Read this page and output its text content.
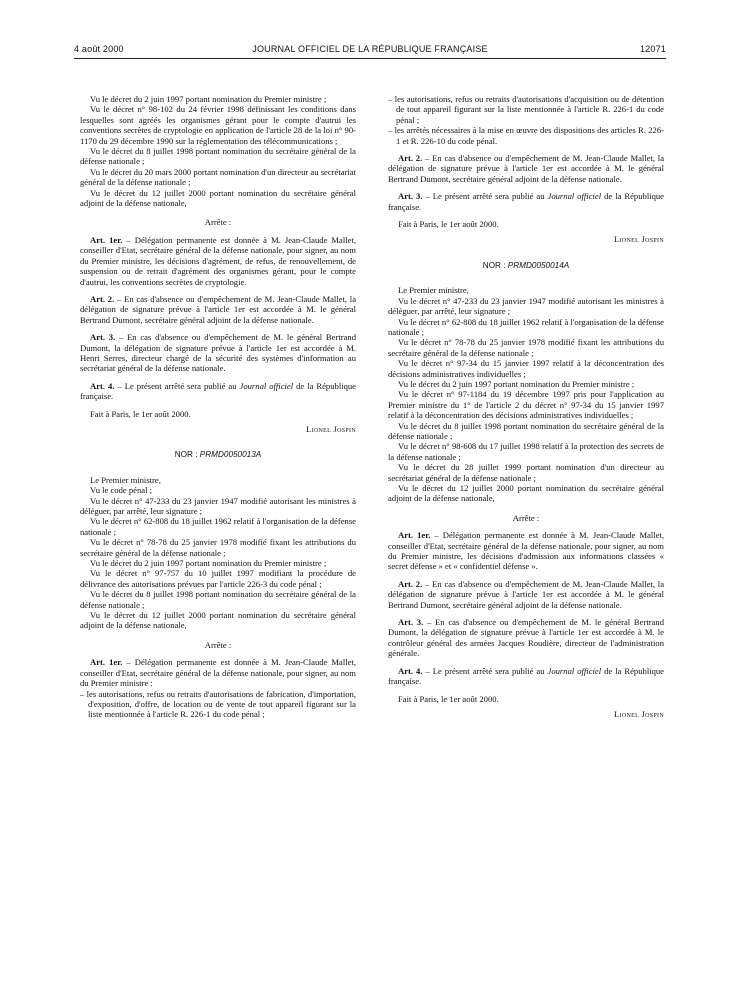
4 août 2000	JOURNAL OFFICIEL DE LA RÉPUBLIQUE FRANÇAISE	12071

Vu le décret du 2 juin 1997 portant nomination du Premier ministre ;

Vu le décret n° 98-102 du 24 février 1998 définissant les conditions dans lesquelles sont agréés les organismes gérant pour le compte d'autrui les conventions secrètes de cryptologie en application de l'article 28 de la loi n° 90-1170 du 29 décembre 1990 sur la réglementation des télécommunications ;

Vu le décret du 8 juillet 1998 portant nomination du secrétaire général de la défense nationale ;

Vu le décret du 20 mars 2000 portant nomination d'un directeur au secrétariat général de la défense nationale ;

Vu le décret du 12 juillet 2000 portant nomination du secrétaire général adjoint de la défense nationale,

Arrête :

Art. 1er. – Délégation permanente est donnée à M. Jean-Claude Mallet, conseiller d'Etat, secrétaire général de la défense nationale, pour signer, au nom du Premier ministre, les décisions d'agrément, de refus, de renouvellement, de suspension ou de retrait d'agrément des organismes gérant, pour le compte d'autrui, les conventions secrètes de cryptologie.

Art. 2. – En cas d'absence ou d'empêchement de M. Jean-Claude Mallet, la délégation de signature prévue à l'article 1er est accordée à M. le général Bertrand Dumont, secrétaire général adjoint de la défense nationale.

Art. 3. – En cas d'absence ou d'empêchement de M. le général Bertrand Dumont, la délégation de signature prévue à l'article 1er est accordée à M. Henri Serres, directeur chargé de la sécurité des systèmes d'information au secrétariat général de la défense nationale.

Art. 4. – Le présent arrêté sera publié au Journal officiel de la République française.

Fait à Paris, le 1er août 2000.

Lionel Jospin

NOR : PRMD0050013A

Le Premier ministre,

Vu le code pénal ;

Vu le décret n° 47-233 du 23 janvier 1947 modifié autorisant les ministres à déléguer, par arrêté, leur signature ;

Vu le décret n° 62-808 du 18 juillet 1962 relatif à l'organisation de la défense nationale ;

Vu le décret n° 78-78 du 25 janvier 1978 modifié fixant les attributions du secrétaire général de la défense nationale ;

Vu le décret du 2 juin 1997 portant nomination du Premier ministre ;

Vu le décret n° 97-757 du 10 juillet 1997 modifiant la procédure de délivrance des autorisations prévues par l'article 226-3 du code pénal ;

Vu le décret du 8 juillet 1998 portant nomination du secrétaire général de la défense nationale ;

Vu le décret du 12 juillet 2000 portant nomination du secrétaire général adjoint de la défense nationale,

Arrête :

Art. 1er. – Délégation permanente est donnée à M. Jean-Claude Mallet, conseiller d'Etat, secrétaire général de la défense nationale, pour signer, au nom du Premier ministre :

– les autorisations, refus ou retraits d'autorisations de fabrication, d'importation, d'exposition, d'offre, de location ou de vente de tout appareil figurant sur la liste mentionnée à l'article R. 226-1 du code pénal ;

– les autorisations, refus ou retraits d'autorisations d'acquisition ou de détention de tout appareil figurant sur la liste mentionnée à l'article R. 226-1 du code pénal ;

– les arrêtés nécessaires à la mise en œuvre des dispositions des articles R. 226-1 et R. 226-10 du code pénal.

Art. 2. – En cas d'absence ou d'empêchement de M. Jean-Claude Mallet, la délégation de signature prévue à l'article 1er est accordée à M. le général Bertrand Dumont, secrétaire général adjoint de la défense nationale.

Art. 3. – Le présent arrêté sera publié au Journal officiel de la République française.

Fait à Paris, le 1er août 2000.

Lionel Jospin

NOR : PRMD0050014A

Le Premier ministre,

Vu le décret n° 47-233 du 23 janvier 1947 modifié autorisant les ministres à déléguer, par arrêté, leur signature ;

Vu le décret n° 62-808 du 18 juillet 1962 relatif à l'organisation de la défense nationale ;

Vu le décret n° 78-78 du 25 janvier 1978 modifié fixant les attributions du secrétaire général de la défense nationale ;

Vu le décret n° 97-34 du 15 janvier 1997 relatif à la déconcentration des décisions administratives individuelles ;

Vu le décret du 2 juin 1997 portant nomination du Premier ministre ;

Vu le décret n° 97-1184 du 19 décembre 1997 pris pour l'application au Premier ministre du 1° de l'article 2 du décret n° 97-34 du 15 janvier 1997 relatif à la déconcentration des décisions administratives individuelles ;

Vu le décret du 8 juillet 1998 portant nomination du secrétaire général de la défense nationale ;

Vu le décret n° 98-608 du 17 juillet 1998 relatif à la protection des secrets de la défense nationale ;

Vu le décret du 28 juillet 1999 portant nomination d'un directeur au secrétariat général de la défense nationale ;

Vu le décret du 12 juillet 2000 portant nomination du secrétaire général adjoint de la défense nationale,

Arrête :

Art. 1er. – Délégation permanente est donnée à M. Jean-Claude Mallet, conseiller d'Etat, secrétaire général de la défense nationale, pour signer, au nom du Premier ministre, les décisions d'admission aux informations classées « secret défense » et « confidentiel défense ».

Art. 2. – En cas d'absence ou d'empêchement de M. Jean-Claude Mallet, la délégation de signature prévue à l'article 1er est accordée à M. le général Bertrand Dumont, secrétaire général adjoint de la défense nationale.

Art. 3. – En cas d'absence ou d'empêchement de M. le général Bertrand Dumont, la délégation de signature prévue à l'article 1er est accordée à M. le contrôleur général des armées Jacques Roudière, directeur de l'administration générale.

Art. 4. – Le présent arrêté sera publié au Journal officiel de la République française.

Fait à Paris, le 1er août 2000.

Lionel Jospin
